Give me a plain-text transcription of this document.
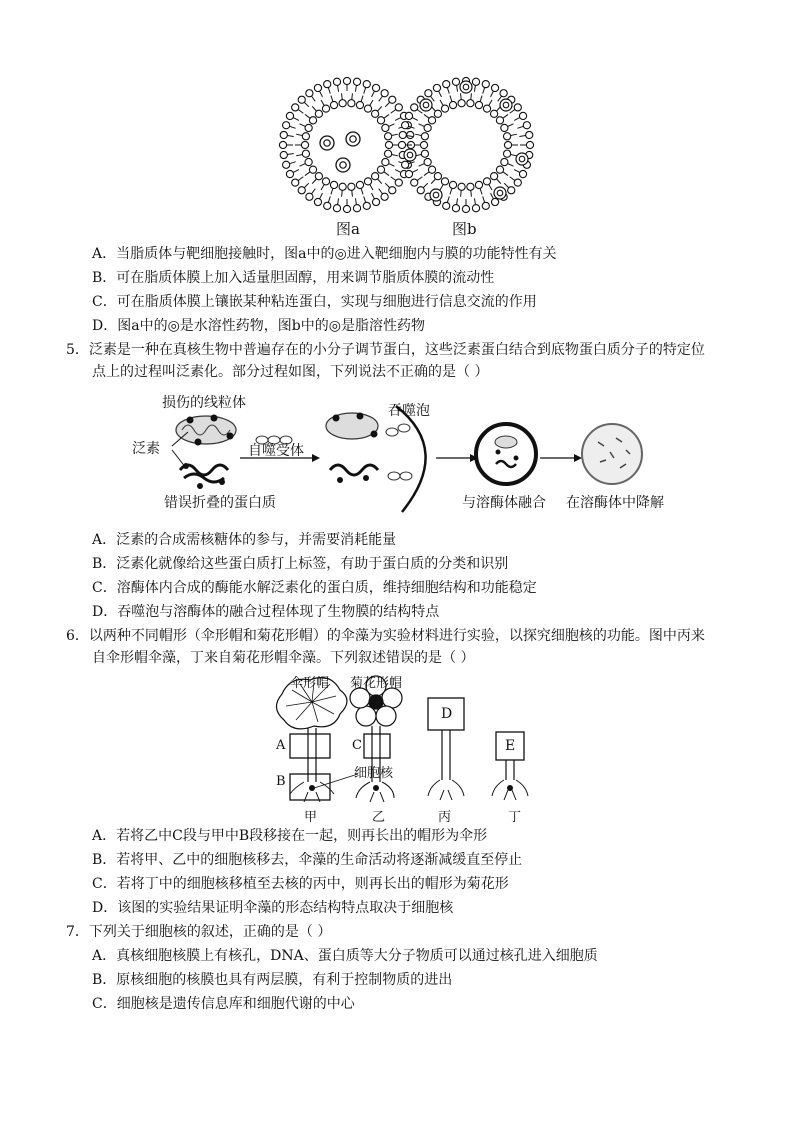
图a	图b
A．当脂质体与靶细胞接触时，图a中的◎进入靶细胞内与膜的功能特性有关
B．可在脂质体膜上加入适量胆固醇，用来调节脂质体膜的流动性
C．可在脂质体膜上镶嵌某种粘连蛋白，实现与细胞进行信息交流的作用
D．图a中的◎是水溶性药物，图b中的◎是脂溶性药物
5．泛素是一种在真核生物中普遍存在的小分子调节蛋白，这些泛素蛋白结合到底物蛋白质分子的特定位
点上的过程叫泛素化。部分过程如图，下列说法不正确的是（ ）
损伤的线粒体
泛素	自噬受体
错误折叠的蛋白质
吞噬泡
与溶酶体融合 在溶酶体中降解
A．泛素的合成需核糖体的参与，并需要消耗能量
B．泛素化就像给这些蛋白质打上标签，有助于蛋白质的分类和识别
C．溶酶体内合成的酶能水解泛素化的蛋白质，维持细胞结构和功能稳定
D．吞噬泡与溶酶体的融合过程体现了生物膜的结构特点
6．以两种不同帽形（伞形帽和菊花形帽）的伞藻为实验材料进行实验，以探究细胞核的功能。图中丙来
自伞形帽伞藻，丁来自菊花形帽伞藻。下列叙述错误的是（ ）
伞形帽 菊花形帽
A
B
C
D
E
细胞核
甲	乙	丙	丁
A．若将乙中C段与甲中B段移接在一起，则再长出的帽形为伞形
B．若将甲、乙中的细胞核移去，伞藻的生命活动将逐渐减缓直至停止
C．若将丁中的细胞核移植至去核的丙中，则再长出的帽形为菊花形
D．该图的实验结果证明伞藻的形态结构特点取决于细胞核
7．下列关于细胞核的叙述，正确的是（ ）
A．真核细胞核膜上有核孔，DNA、蛋白质等大分子物质可以通过核孔进入细胞质
B．原核细胞的核膜也具有两层膜，有利于控制物质的进出
C．细胞核是遗传信息库和细胞代谢的中心
